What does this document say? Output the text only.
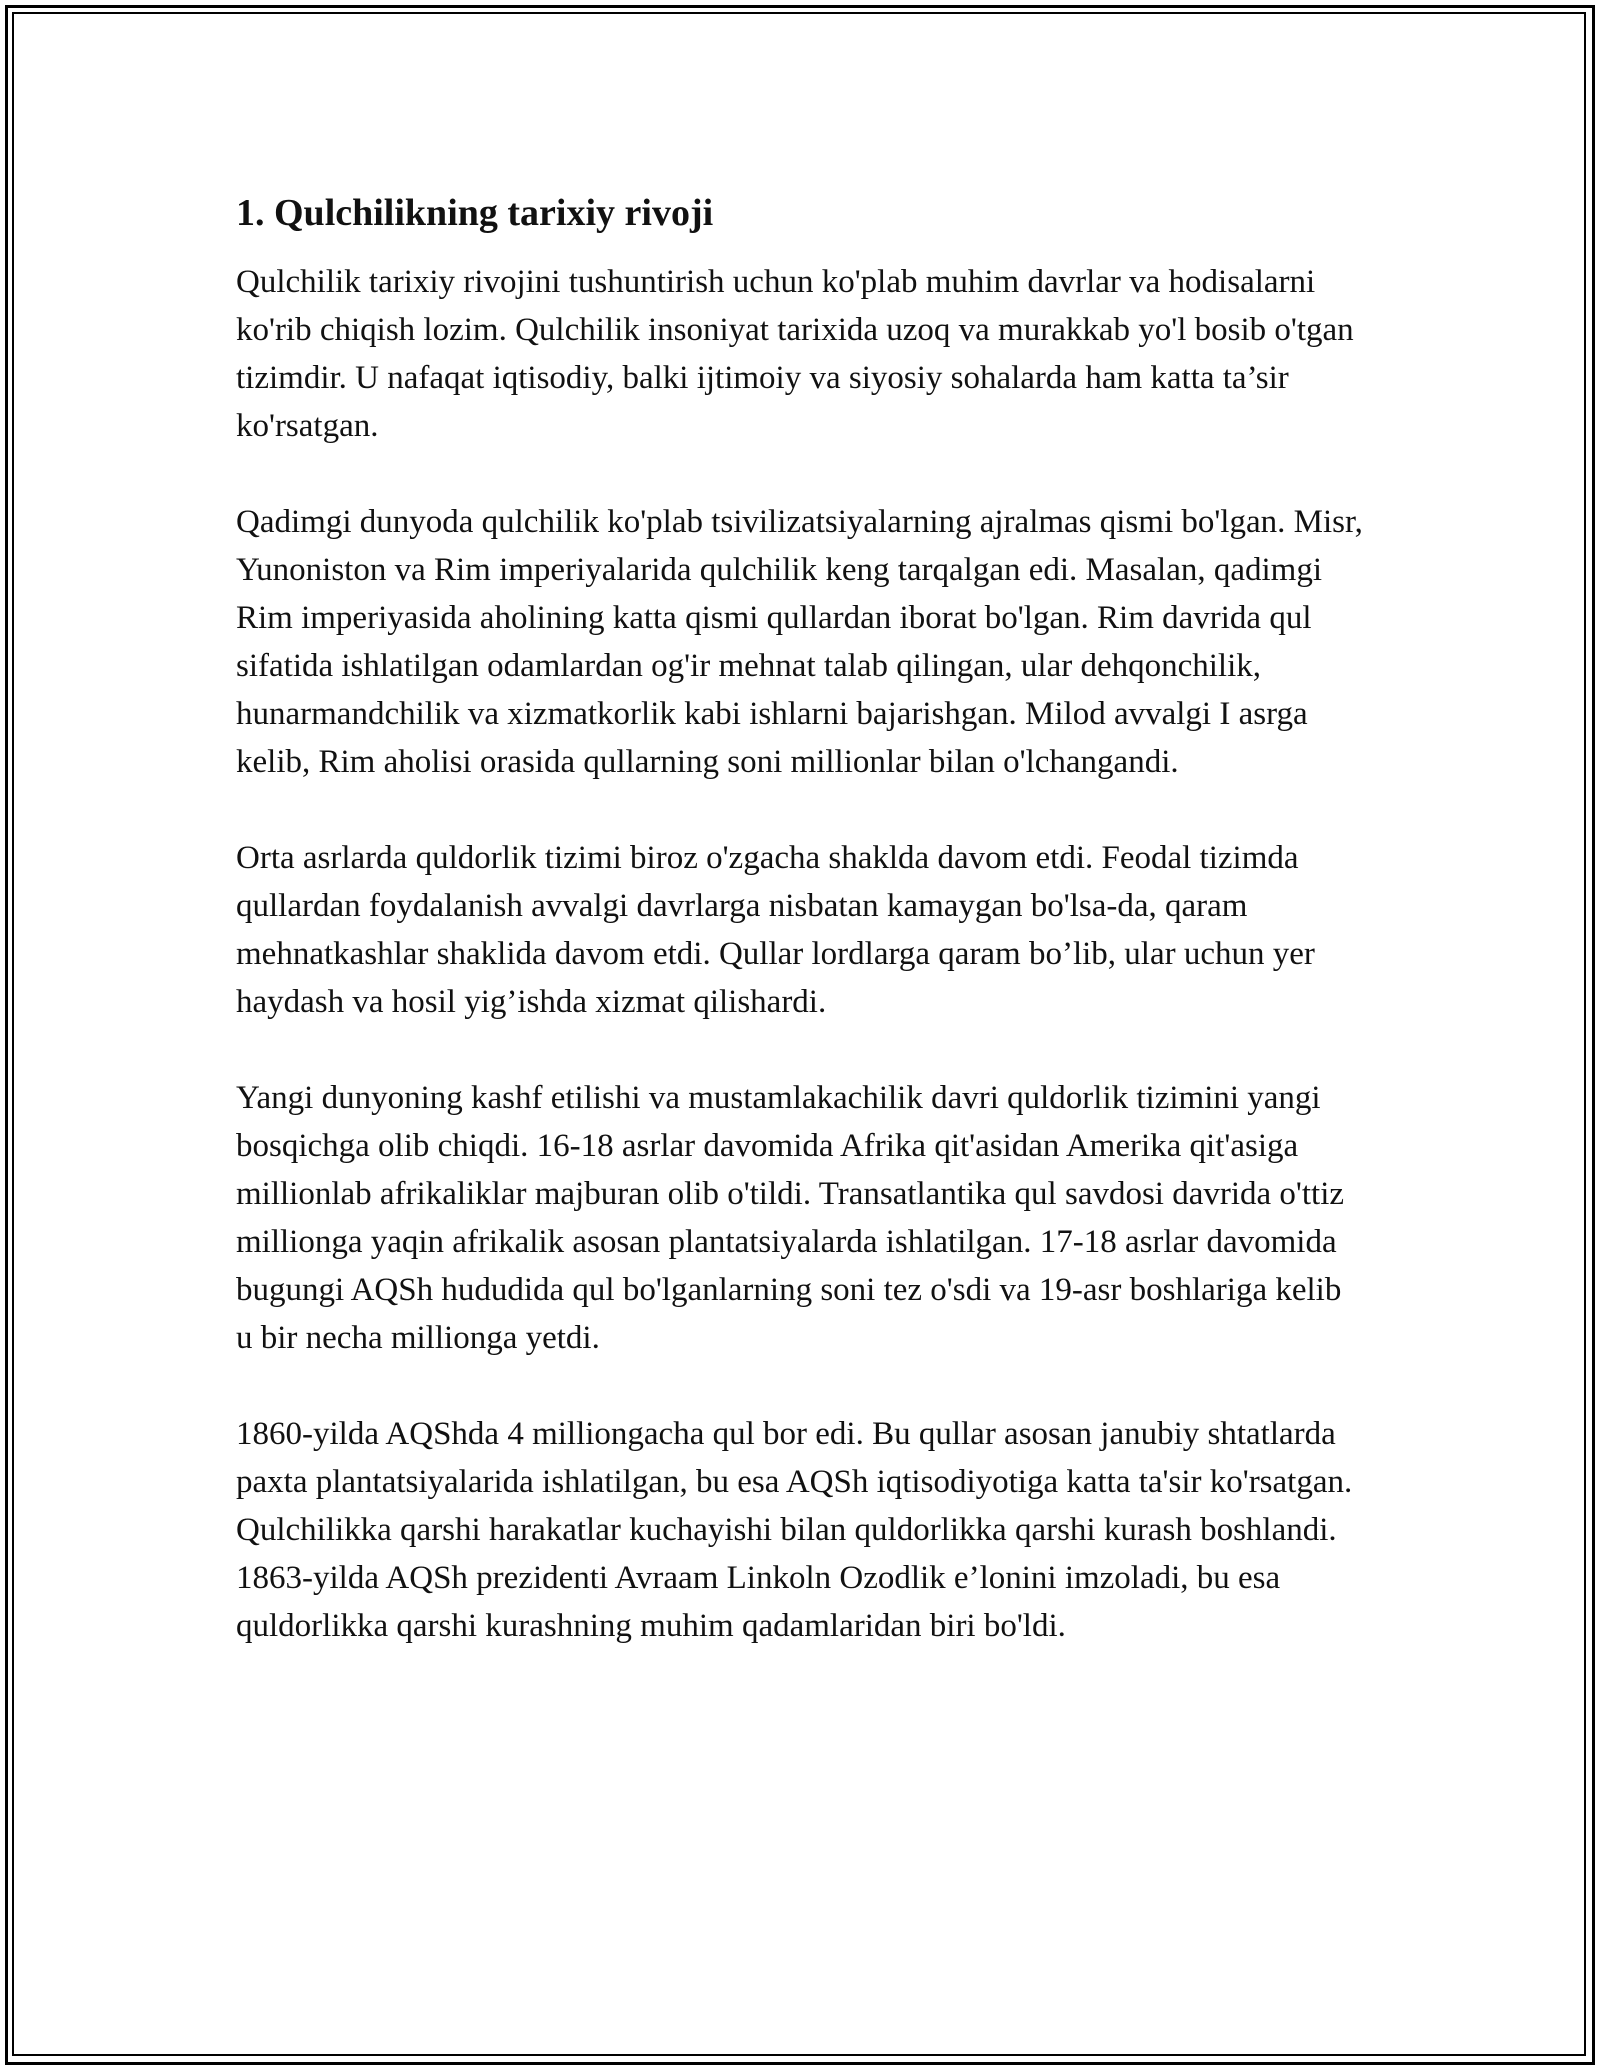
1. Qulchilikning tarixiy rivoji

Qulchilik tarixiy rivojini tushuntirish uchun ko'plab muhim davrlar va hodisalarni ko'rib chiqish lozim. Qulchilik insoniyat tarixida uzoq va murakkab yo'l bosib o'tgan tizimdir. U nafaqat iqtisodiy, balki ijtimoiy va siyosiy sohalarda ham katta ta’sir ko'rsatgan.

Qadimgi dunyoda qulchilik ko'plab tsivilizatsiyalarning ajralmas qismi bo'lgan. Misr, Yunoniston va Rim imperiyalarida qulchilik keng tarqalgan edi. Masalan, qadimgi Rim imperiyasida aholining katta qismi qullardan iborat bo'lgan. Rim davrida qul sifatida ishlatilgan odamlardan og'ir mehnat talab qilingan, ular dehqonchilik, hunarmandchilik va xizmatkorlik kabi ishlarni bajarishgan. Milod avvalgi I asrga kelib, Rim aholisi orasida qullarning soni millionlar bilan o'lchangandi.

Orta asrlarda quldorlik tizimi biroz o'zgacha shaklda davom etdi. Feodal tizimda qullardan foydalanish avvalgi davrlarga nisbatan kamaygan bo'lsa-da, qaram mehnatkashlar shaklida davom etdi. Qullar lordlarga qaram bo’lib, ular uchun yer haydash va hosil yig’ishda xizmat qilishardi.

Yangi dunyoning kashf etilishi va mustamlakachilik davri quldorlik tizimini yangi bosqichga olib chiqdi. 16-18 asrlar davomida Afrika qit'asidan Amerika qit'asiga millionlab afrikaliklar majburan olib o'tildi. Transatlantika qul savdosi davrida o'ttiz millionga yaqin afrikalik asosan plantatsiyalarda ishlatilgan. 17-18 asrlar davomida bugungi AQSh hududida qul bo'lganlarning soni tez o'sdi va 19-asr boshlariga kelib u bir necha millionga yetdi.

1860-yilda AQShda 4 milliongacha qul bor edi. Bu qullar asosan janubiy shtatlarda paxta plantatsiyalarida ishlatilgan, bu esa AQSh iqtisodiyotiga katta ta'sir ko'rsatgan. Qulchilikka qarshi harakatlar kuchayishi bilan quldorlikka qarshi kurash boshlandi. 1863-yilda AQSh prezidenti Avraam Linkoln Ozodlik e’lonini imzoladi, bu esa quldorlikka qarshi kurashning muhim qadamlaridan biri bo'ldi.
